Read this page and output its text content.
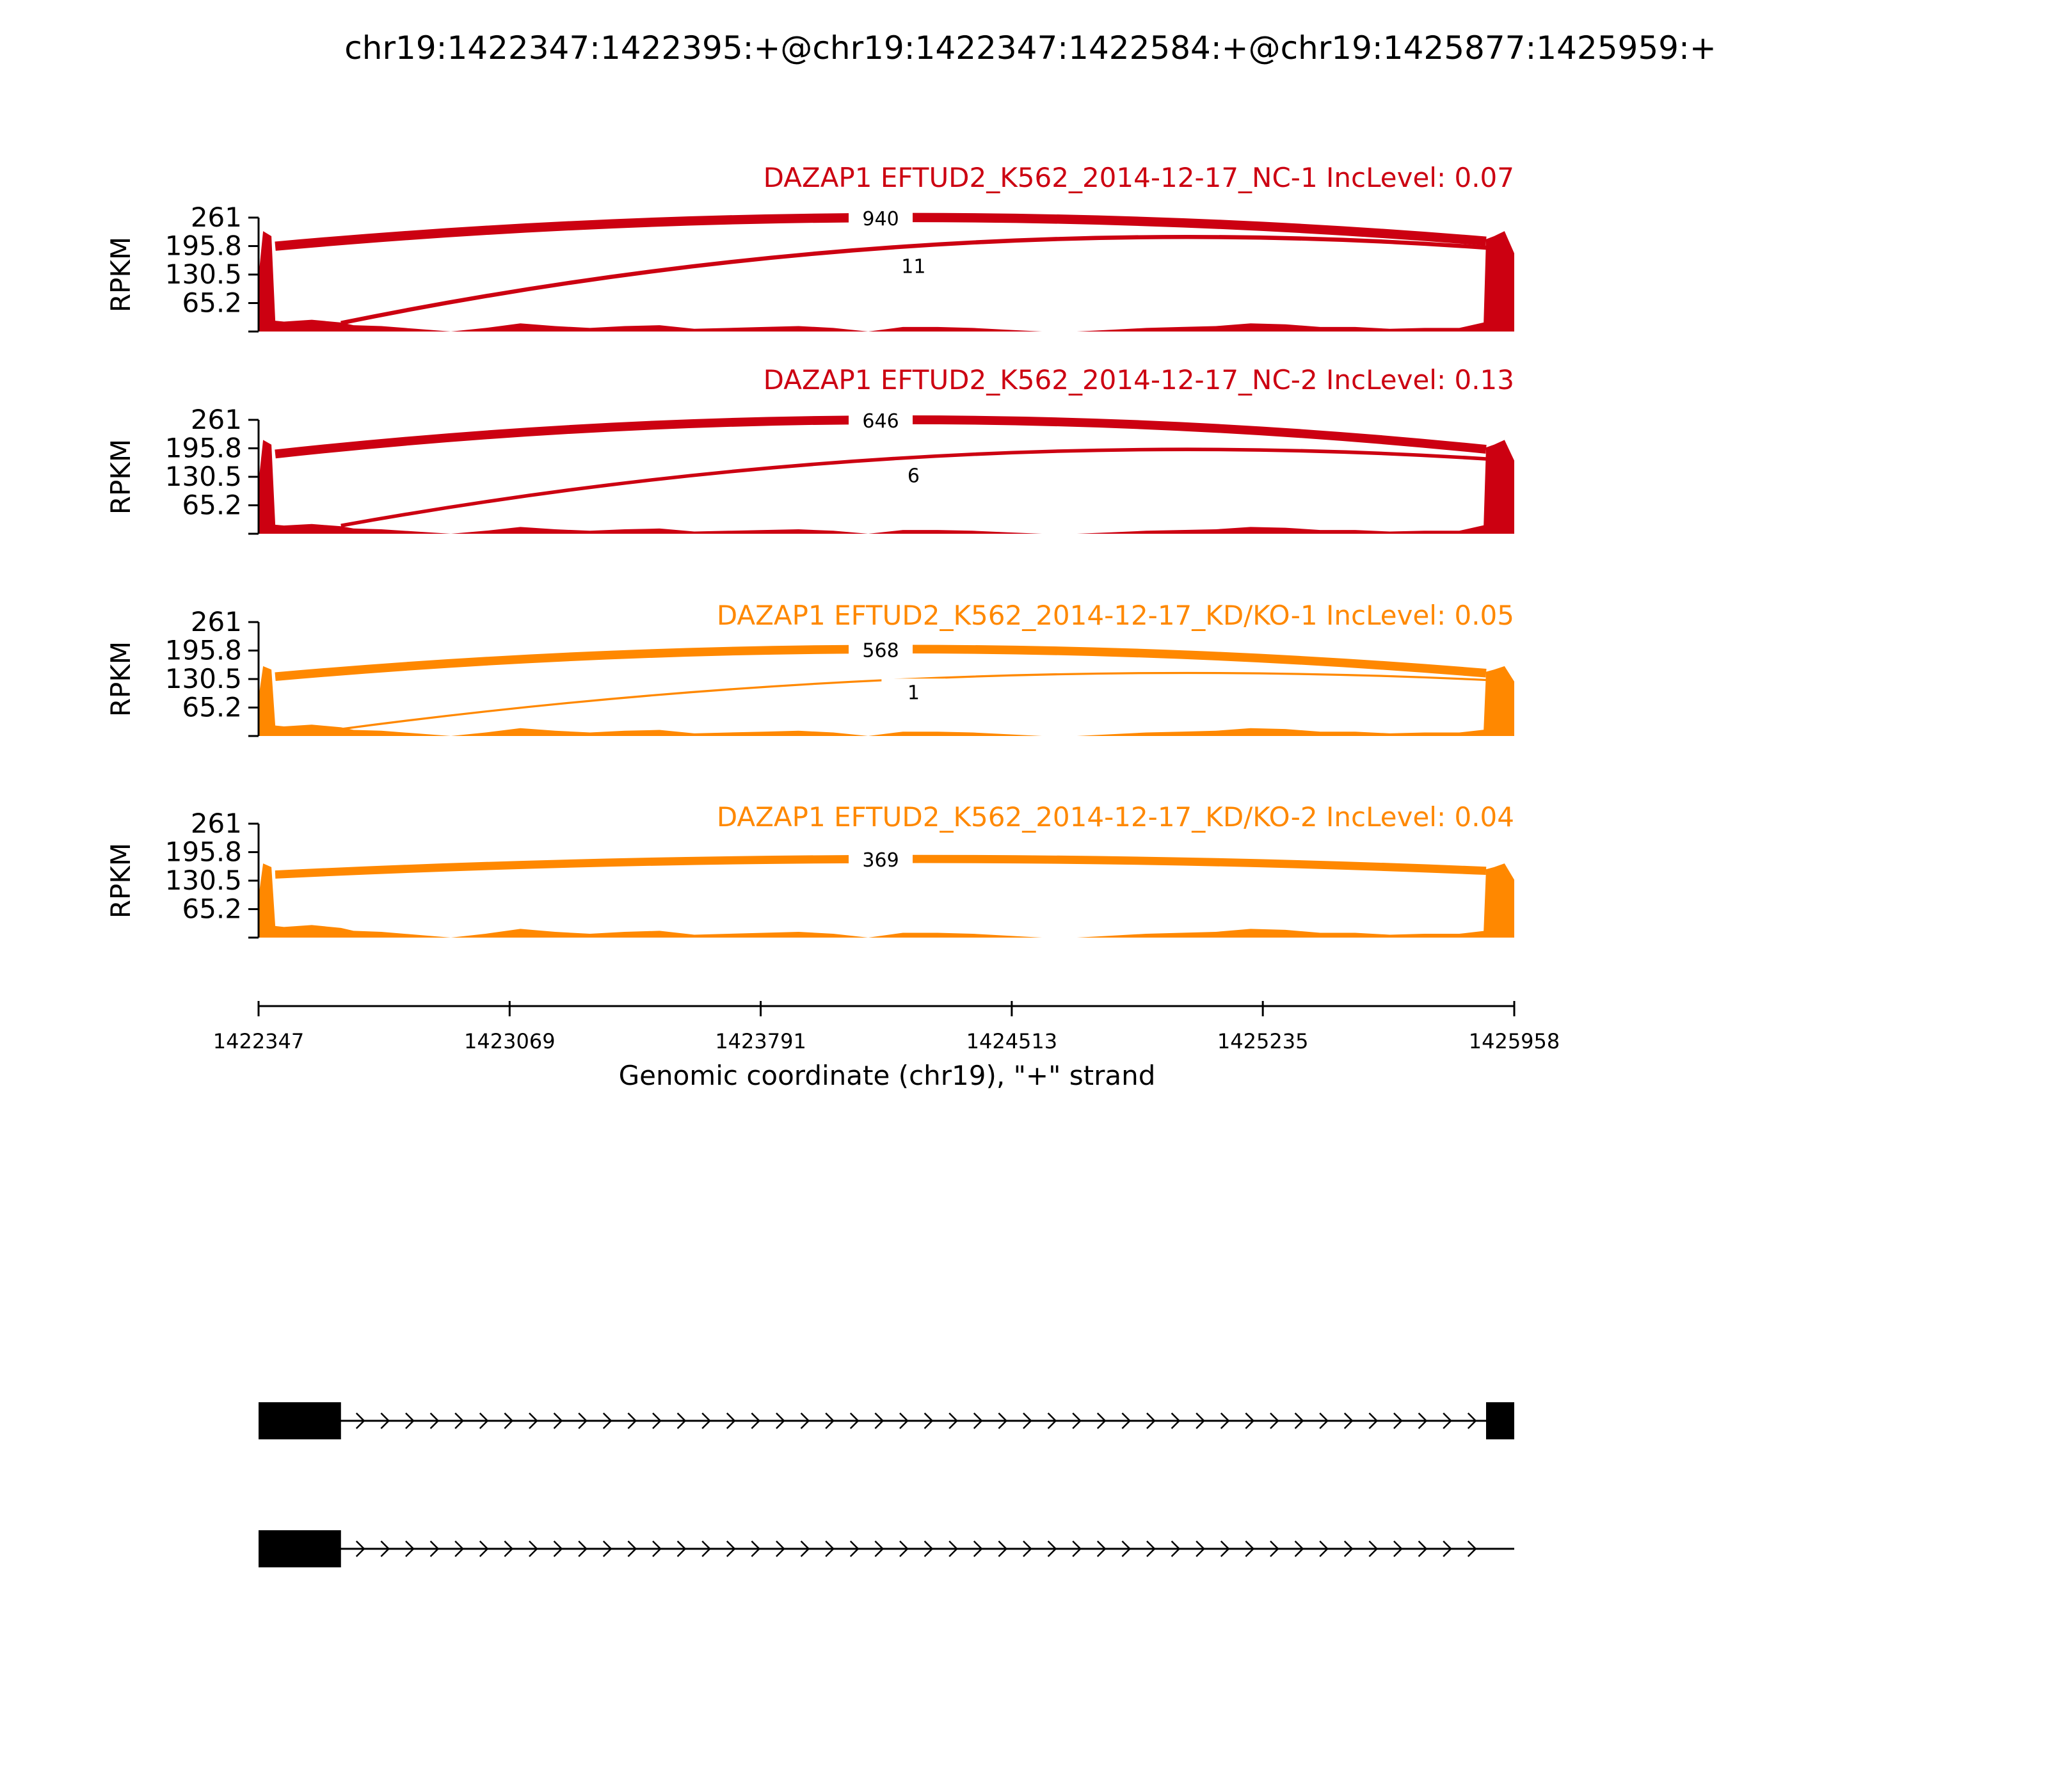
chr19:1422347:1422395:+@chr19:1422347:1422584:+@chr19:1425877:1425959:+
940
11
65.2
130.5
195.8
261
RPKM
DAZAP1 EFTUD2_K562_2014-12-17_NC-1 IncLevel: 0.07
646
6
65.2
130.5
195.8
261
RPKM
DAZAP1 EFTUD2_K562_2014-12-17_NC-2 IncLevel: 0.13
568
1
65.2
130.5
195.8
261
RPKM
DAZAP1 EFTUD2_K562_2014-12-17_KD/KO-1 IncLevel: 0.05
369
65.2
130.5
195.8
261
RPKM
DAZAP1 EFTUD2_K562_2014-12-17_KD/KO-2 IncLevel: 0.04
Genomic coordinate (chr19), "+" strand
1422347	1423069	1423791	1424513	1425235	1425958
